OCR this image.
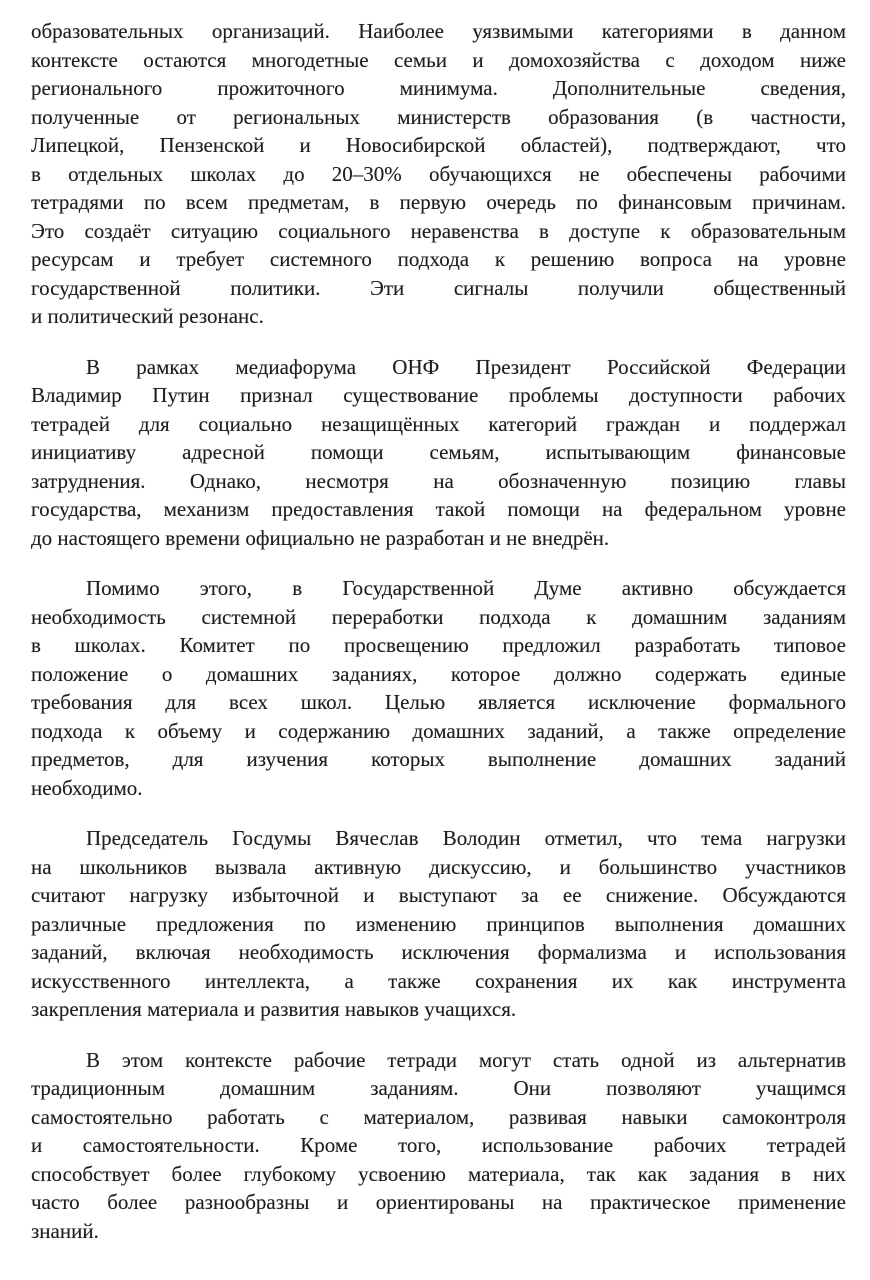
образовательных организаций. Наиболее уязвимыми категориями в данном
контексте остаются многодетные семьи и домохозяйства с доходом ниже
регионального прожиточного минимума. Дополнительные сведения,
полученные от региональных министерств образования (в частности,
Липецкой, Пензенской и Новосибирской областей), подтверждают, что
в отдельных школах до 20–30% обучающихся не обеспечены рабочими
тетрадями по всем предметам, в первую очередь по финансовым причинам.
Это создаёт ситуацию социального неравенства в доступе к образовательным
ресурсам и требует системного подхода к решению вопроса на уровне
государственной политики. Эти сигналы получили общественный
и политический резонанс.
В рамках медиафорума ОНФ Президент Российской Федерации
Владимир Путин признал существование проблемы доступности рабочих
тетрадей для социально незащищённых категорий граждан и поддержал
инициативу адресной помощи семьям, испытывающим финансовые
затруднения. Однако, несмотря на обозначенную позицию главы
государства, механизм предоставления такой помощи на федеральном уровне
до настоящего времени официально не разработан и не внедрён.
Помимо этого, в Государственной Думе активно обсуждается
необходимость системной переработки подхода к домашним заданиям
в школах. Комитет по просвещению предложил разработать типовое
положение о домашних заданиях, которое должно содержать единые
требования для всех школ. Целью является исключение формального
подхода к объему и содержанию домашних заданий, а также определение
предметов, для изучения которых выполнение домашних заданий
необходимо.
Председатель Госдумы Вячеслав Володин отметил, что тема нагрузки
на школьников вызвала активную дискуссию, и большинство участников
считают нагрузку избыточной и выступают за ее снижение. Обсуждаются
различные предложения по изменению принципов выполнения домашних
заданий, включая необходимость исключения формализма и использования
искусственного интеллекта, а также сохранения их как инструмента
закрепления материала и развития навыков учащихся.
В этом контексте рабочие тетради могут стать одной из альтернатив
традиционным домашним заданиям. Они позволяют учащимся
самостоятельно работать с материалом, развивая навыки самоконтроля
и самостоятельности. Кроме того, использование рабочих тетрадей
способствует более глубокому усвоению материала, так как задания в них
часто более разнообразны и ориентированы на практическое применение
знаний.
